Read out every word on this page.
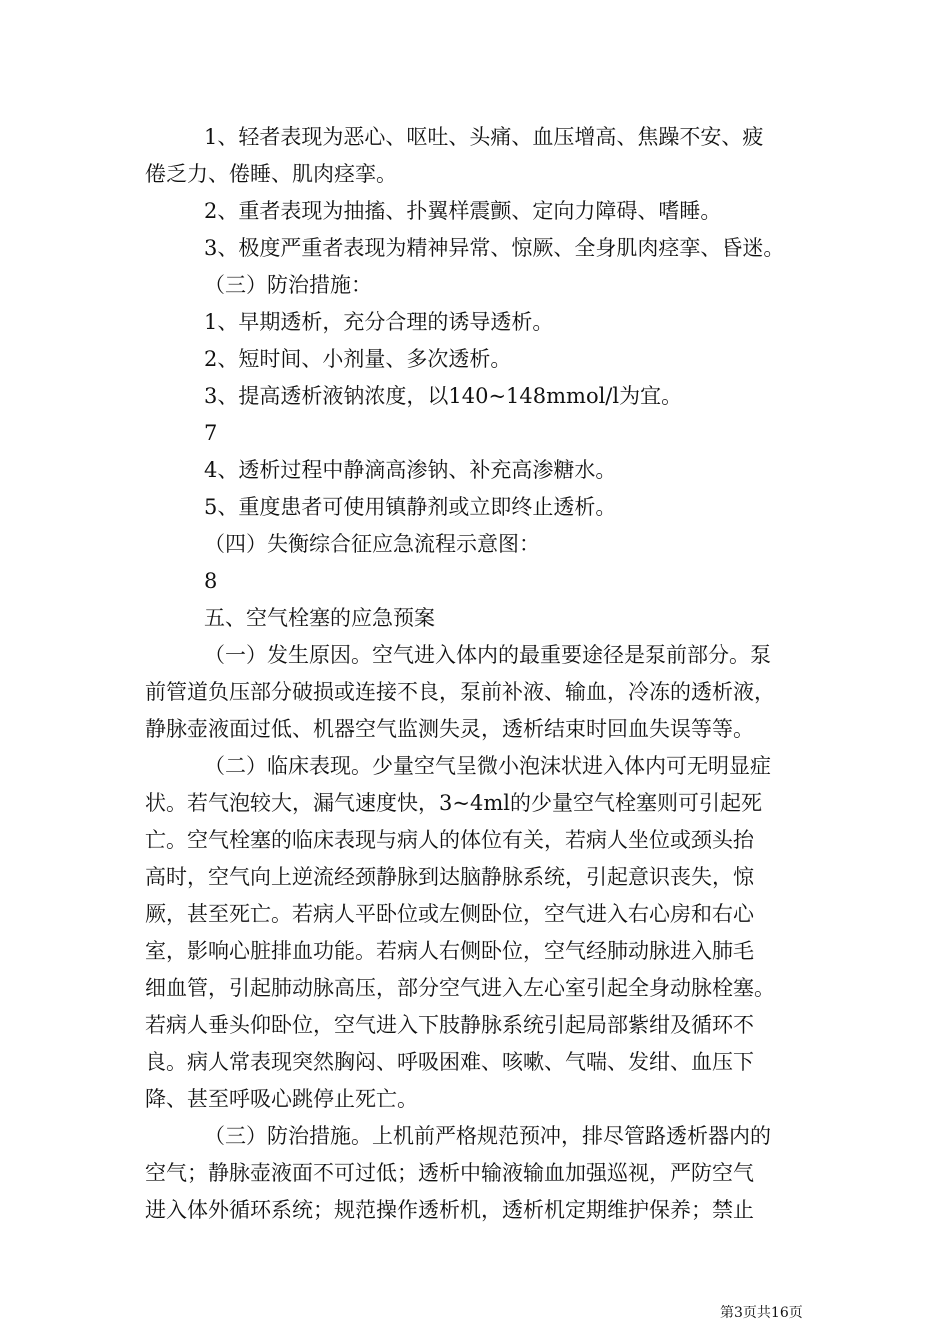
1、轻者表现为恶心、呕吐、头痛、血压增高、焦躁不安、疲
倦乏力、倦睡、肌肉痉挛。
2、重者表现为抽搐、扑翼样震颤、定向力障碍、嗜睡。
3、极度严重者表现为精神异常、惊厥、全身肌肉痉挛、昏迷。
（三）防治措施：
1、早期透析，充分合理的诱导透析。
2、短时间、小剂量、多次透析。
3、提高透析液钠浓度，以140~148mmol/l为宜。
7
4、透析过程中静滴高渗钠、补充高渗糖水。
5、重度患者可使用镇静剂或立即终止透析。
（四）失衡综合征应急流程示意图：
8
五、空气栓塞的应急预案
（一）发生原因。空气进入体内的最重要途径是泵前部分。泵
前管道负压部分破损或连接不良，泵前补液、输血，冷冻的透析液，
静脉壶液面过低、机器空气监测失灵，透析结束时回血失误等等。
（二）临床表现。少量空气呈微小泡沫状进入体内可无明显症
状。若气泡较大，漏气速度快，3~4ml的少量空气栓塞则可引起死
亡。空气栓塞的临床表现与病人的体位有关，若病人坐位或颈头抬
高时，空气向上逆流经颈静脉到达脑静脉系统，引起意识丧失，惊
厥，甚至死亡。若病人平卧位或左侧卧位，空气进入右心房和右心
室，影响心脏排血功能。若病人右侧卧位，空气经肺动脉进入肺毛
细血管，引起肺动脉高压，部分空气进入左心室引起全身动脉栓塞。
若病人垂头仰卧位，空气进入下肢静脉系统引起局部紫绀及循环不
良。病人常表现突然胸闷、呼吸困难、咳嗽、气喘、发绀、血压下
降、甚至呼吸心跳停止死亡。
（三）防治措施。上机前严格规范预冲，排尽管路透析器内的
空气；静脉壶液面不可过低；透析中输液输血加强巡视，严防空气
进入体外循环系统；规范操作透析机，透析机定期维护保养；禁止
第3页共16页
